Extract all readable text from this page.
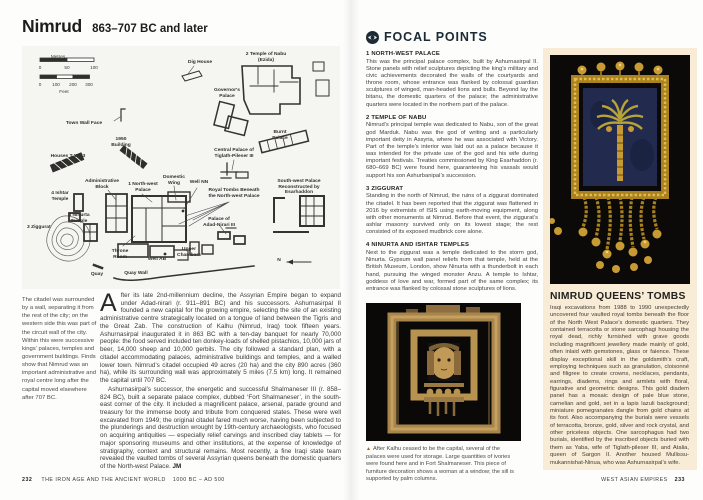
Nimrud 863–707 BC and later
Metres
0	50	100
0 100 200 300
Feet
Dig House
2 Temple of Nabu
(Ezida)
Governor's
Palace
Burnt
Palace
Town Wall Face
1950
Building
Houses T W 53
Central Palace of
Tiglath-Pileser III
South-west Palace
Reconstructed by
Esarhaddon
Administrative
Block
1 North-west
Palace
Domestic
Wing	Well NN
Royal Tombs Beneath
the North-west Palace
4 Ishtar
Temple
4 Ninurta
Temple
3 Ziggurat
Palace of
Adad-Nirari III
Throne
Room	Well AB
Upper
Chambers
Quay	Quay Wall
N
The citadel was surrounded by a wall, separating it from the rest of the city; on the western side this was part of the circuit wall of the city. Within this were successive kings’ palaces, temples and government buildings. Finds show that Nimrud was an important administrative and royal centre long after the capital moved elsewhere after 707 BC.

After its late 2nd-millennium decline, the Assyrian Empire began to expand under Adad-nirari (r. 911–891 BC) and his successors. Ashurnasirpal II founded a new capital for the growing empire, selecting the site of an existing administrative centre strategically located on a tongue of land between the Tigris and the Great Zab. The construction of Kalhu (Nimrud, Iraq) took fifteen years. Ashurnasirpal inaugurated it in 863 BC with a ten-day banquet for nearly 70,000 people: the food served included ten donkey-loads of shelled pistachios, 10,000 jars of beer, 14,000 sheep and 10,000 gerbils. The city followed a standard plan, with a citadel accommodating palaces, administrative buildings and temples, and a walled lower town. Nimrud’s citadel occupied 49 acres (20 ha) and the city 890 acres (360 ha), while its surrounding wall was approximately 5 miles (7.5 km) long. It remained the capital until 707 BC.

Ashurnasirpal’s successor, the energetic and successful Shalmaneser III (r. 858–824 BC), built a separate palace complex, dubbed ‘Fort Shalmaneser’, in the south-east corner of the city. It included a magnificent palace, arsenal, parade ground and treasury for the immense booty and tribute from conquered states. These were well excavated from 1949; the original citadel fared much worse, having been subjected to the plunderings and destruction wrought by 19th-century archaeologists, who focused on acquiring antiquities — especially relief carvings and inscribed clay tablets — for major sponsoring museums and other institutions, at the expense of knowledge of stratigraphy, context and structural remains. Most recently, a fine Iraqi state team revealed the vaulted tombs of several Assyrian queens beneath the domestic quarters of the North-west Palace. JM

232 THE IRON AGE AND THE ANCIENT WORLD 1000 BC – AD 500
FOCAL POINTS
1 NORTH-WEST PALACE

This was the principal palace complex, built by Ashurnasirpal II. Stone panels with relief sculptures depicting the king’s military and civic achievements decorated the walls of the courtyards and throne room, whose entrance was flanked by colossal guardian sculptures of winged, man-headed lions and bulls. Beyond lay the bitanu, the domestic quarters of the palace; the administrative quarters were located in the northern part of the palace.

2 TEMPLE OF NABU

Nimrud’s principal temple was dedicated to Nabu, son of the great god Marduk. Nabu was the god of writing and a particularly important deity in Assyria, where he was associated with Victory. Part of the temple’s interior was laid out as a palace because it was intended for the private use of the god and his wife during important festivals. Treaties commissioned by King Esarhaddon (r. 680–669 BC) were found here, guaranteeing his vassals would support his son Ashurbanipal’s succession.

3 ZIGGURAT

Standing in the north of Nimrud, the ruins of a ziggurat dominated the citadel. It has been reported that the ziggurat was flattened in 2016 by extremists of ISIS using earth-moving equipment, along with other monuments at Nimrud. Before that event, the ziggurat’s ashlar masonry survived only on its lowest stage; the rest consisted of its exposed mudbrick core alone.

4 NINURTA AND ISHTAR TEMPLES

Next to the ziggurat was a temple dedicated to the storm god, Ninurta. Gypsum wall panel reliefs from that temple, held at the British Museum, London, show Ninurta with a thunderbolt in each hand, pursuing the winged monster Anzu. A temple to Ishtar, goddess of love and war, formed part of the same complex; its entrance was flanked by colossal stone sculptures of lions.

▲ After Kalhu ceased to be the capital, several of the palaces were used for storage. Large quantities of ivories were found here and in Fort Shalmaneser. This piece of furniture decoration shows a woman at a window; the sill is supported by palm columns.

NIMRUD QUEENS’ TOMBS

Iraqi excavations from 1988 to 1990 unexpectedly uncovered four vaulted royal tombs beneath the floor of the North West Palace’s domestic quarters. They contained terracotta or stone sarcophagi housing the royal dead, richly furnished with grave goods including magnificent jewellery made mainly of gold, often inlaid with gemstones, glass or faience. These display exceptional skill in the goldsmith’s craft, employing techniques such as granulation, cloisonné and filigree to create crowns, necklaces, pendants, earrings, diadems, rings and armlets with floral, figurative and geometric designs. This gold diadem panel has a mosaic design of pale blue stone, carnelian and gold, set in a lapis lazuli background; miniature pomegranates dangle from gold chains at its foot. Also accompanying the burials were vessels of terracotta, bronze, gold, silver and rock crystal, and other priceless objects. One sarcophagus had two burials, identified by the inscribed objects buried with them as Yaba, wife of Tiglath-pileser III, and Atalia, queen of Sargon II. Another housed Mullissu-mukannishat-Ninua, who was Ashurnasirpal’s wife.

WEST ASIAN EMPIRES 233
